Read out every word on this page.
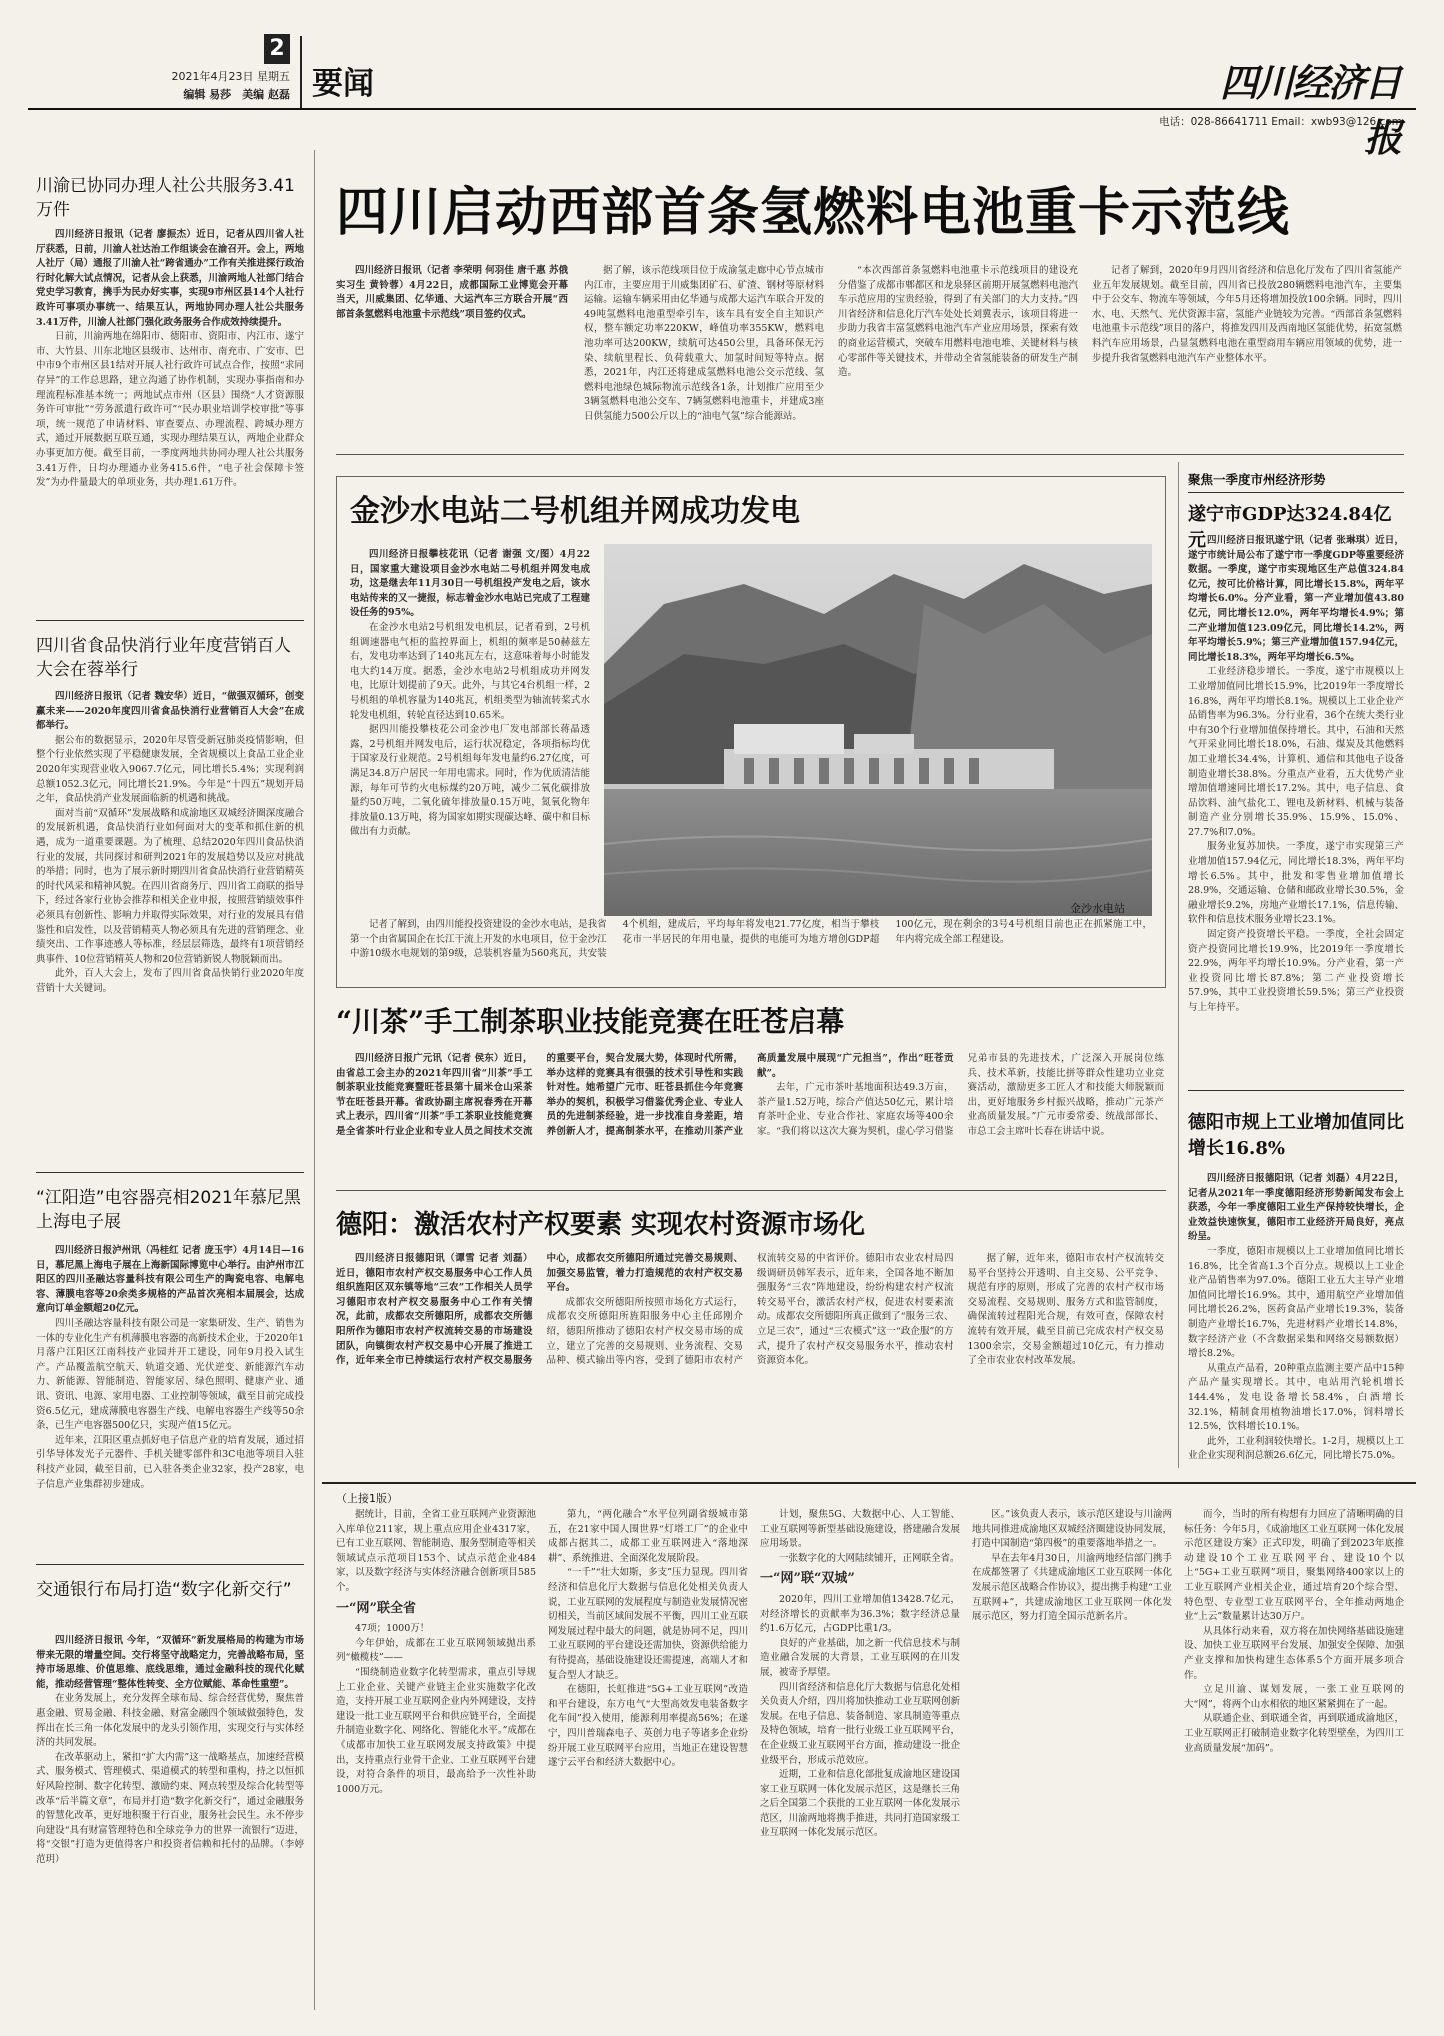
2
2021年4月23日 星期五
编辑 易莎　美编 赵磊 要闻	四川经济日报
电话：028-86641711 Email：xwb93@126.com
四川启动西部首条氢燃料电池重卡示范线

四川经济日报讯（记者 李荣明 何羽佳 唐千惠 苏俄 实习生 黄铃蓉）4月22日，成都国际工业博览会开幕当天，川威集团、亿华通、大运汽车三方联合开展“西部首条氢燃料电池重卡示范线”项目签约仪式。

据了解，该示范线项目位于成渝氢走廊中心节点城市内江市，主要应用于川威集团矿石、矿渣、钢材等原材料运输。运输车辆采用由亿华通与成都大运汽车联合开发的49吨氢燃料电池重型牵引车，该车具有安全自主知识产权，整车额定功率220KW，峰值功率355KW，燃料电池功率可达200KW，续航可达450公里，具备环保无污染、续航里程长、负荷载重大、加氢时间短等特点。据悉，2021年，内江还将建成氢燃料电池公交示范线、氢燃料电池绿色城际物流示范线各1条，计划推广应用至少3辆氢燃料电池公交车、7辆氢燃料电池重卡，并建成3座日供氢能力500公斤以上的“油电气氢”综合能源站。

“本次西部首条氢燃料电池重卡示范线项目的建设充分借鉴了成都市郫都区和龙泉驿区前期开展氢燃料电池汽车示范应用的宝贵经验，得到了有关部门的大力支持。”四川省经济和信息化厅汽车处处长刘冀表示，该项目将进一步助力我省丰富氢燃料电池汽车产业应用场景，探索有效的商业运营模式，突破车用燃料电池电堆、关键材料与核心零部件等关键技术，并带动全省氢能装备的研发生产制造。

记者了解到，2020年9月四川省经济和信息化厅发布了四川省氢能产业五年发展规划。截至目前，四川省已投放280辆燃料电池汽车，主要集中于公交车、物流车等领域，今年5月还将增加投放100余辆。同时，四川水、电、天然气、光伏资源丰富，氢能产业链较为完善。“西部首条氢燃料电池重卡示范线”项目的落户，将推发四川及西南地区氢能优势，拓宽氢燃料汽车应用场景，凸显氢燃料电池在重型商用车辆应用领域的优势，进一步提升我省氢燃料电池汽车产业整体水平。

川渝已协同办理人社公共服务3.41万件

四川经济日报讯（记者 廖振杰）近日，记者从四川省人社厅获悉，日前，川渝人社达治工作组谈会在渝召开。会上，两地人社厅（局）通报了川渝人社“跨省通办”工作有关推进探行政治行时化解大试点情况，记者从会上获悉，川渝两地人社部门结合党史学习教育，携手为民办好实事，实现9市州区县14个人社行政许可事项办事统一、结果互认，两地协同办理人社公共服务3.41万件，川渝人社部门强化政务服务合作成效持续提升。

日前，川渝两地在绵阳市、德阳市、资阳市、内江市、遂宁市、大竹县、川东北地区县级市、达州市、南充市、广安市、巴中市9个市州区县1结对开展人社行政许可试点合作，按照“求同存异”的工作总思路，建立沟通了协作机制，实现办事指南和办理流程标准基本统一；两地试点市州（区县）围绕“人才资源服务许可审批”“劳务派遣行政许可”“民办职业培训学校审批”等事项，统一规范了申请材料、审查要点、办理流程、跨城办理方式，通过开展数据互联互通，实现办理结果互认，两地企业群众办事更加方便。截至目前，一季度两地共协同办理人社公共服务3.41万件，日均办理通办业务415.6件，“电子社会保障卡签发”为办件量最大的单项业务，共办理1.61万件。

四川省食品快消行业年度营销百人大会在蓉举行

四川经济日报讯（记者 魏安华）近日，“做强双循环，创变赢未来——2020年度四川省食品快消行业营销百人大会”在成都举行。

据公布的数据显示，2020年尽管受新冠肺炎疫情影响，但整个行业依然实现了平稳健康发展，全省规模以上食品工业企业2020年实现营业收入9067.7亿元，同比增长5.4%；实现利润总额1052.3亿元，同比增长21.9%。今年是“十四五”规划开局之年，食品快消产业发展面临新的机遇和挑战。

面对当前“双循环”发展战略和成渝地区双城经济圈深度融合的发展新机遇，食品快消行业如何面对大的变革和抓住新的机遇，成为一道重要课题。为了梳理、总结2020年四川食品快消行业的发展，共同探讨和研判2021年的发展趋势以及应对挑战的举措；同时，也为了展示新时期四川省食品快消行业营销精英的时代风采和精神风貌。在四川省商务厅、四川省工商联的指导下，经过各家行业协会推荐和相关企业申报，按照营销绩效事件必须具有创新性、影响力并取得实际效果，对行业的发展具有借鉴性和启发性，以及营销精英人物必须具有先进的营销理念、业绩突出、工作事迹感人等标准，经层层筛选，最终有1项营销经典事件、10位营销精英人物和20位营销新锐人物脱颖而出。

此外，百人大会上，发布了四川省食品快销行业2020年度营销十大关键词。

“江阳造”电容器亮相2021年慕尼黑上海电子展

四川经济日报泸州讯（冯桂红 记者 庞玉宇）4月14日—16日，慕尼黑上海电子展在上海新国际博览中心举行。由泸州市江阳区的四川圣融达容量科技有限公司生产的陶瓷电容、电解电容、薄膜电容等20余类多规格的产品首次亮相本届展会，达成意向订单金额超20亿元。

四川圣融达容量科技有限公司是一家集研发、生产、销售为一体的专业化生产有机薄膜电容器的高新技术企业，于2020年1月落户江阳区江南科技产业园并开工建设，同年9月投入试生产。产品覆盖航空航天、轨道交通、光伏逆变、新能源汽车动力、新能源、智能制造、智能家居、绿色照明、健康产业、通讯、资讯、电源、家用电器、工业控制等领域，截至目前完成投资6.5亿元，建成薄膜电容器生产线、电解电容器生产线等50余条，已生产电容器500亿只，实现产值15亿元。

近年来，江阳区重点抓好电子信息产业的培育发展，通过招引华导体发光子元器件、手机关键零部件和3C电池等项目入驻科技产业园，截至目前，已入驻各类企业32家，投产28家，电子信息产业集群初步建成。

交通银行布局打造“数字化新交行”

四川经济日报讯 今年，“双循环”新发展格局的构建为市场带来无限的增量空间。交行将坚守战略定力，完善战略布局，坚持市场思维、价值思维、底线思维，通过金融科技的现代化赋能，推动经营管理“整体性转变、全方位赋能、革命性重塑”。

在业务发展上，充分发挥全球布局、综合经营优势，聚焦普惠金融、贸易金融、科技金融、财富金融四个领域做强特色，发挥出在长三角一体化发展中的龙头引领作用，实现交行与实体经济的共同发展。

在改革驱动上，紧扣“扩大内需”这一战略基点，加速经营模式、服务模式、管理模式、渠道模式的转型和重构，持之以恒抓好风险控制、数字化转型、激励约束、网点转型及综合化转型等改革“后半篇文章”，布局并打造“数字化新交行”，通过金融服务的智慧化改革，更好地积聚于行百业，服务社会民生。永不停步向建设“具有财富管理特色和全球竞争力的世界一流银行”迈进，将“交银”打造为更值得客户和投资者信赖和托付的品牌。（李婷 范玥）

金沙水电站二号机组并网成功发电

四川经济日报攀枝花讯（记者 谢强 文/图）4月22日，国家重大建设项目金沙水电站二号机组并网发电成功，这是继去年11月30日一号机组投产发电之后，该水电站传来的又一捷报，标志着金沙水电站已完成了工程建设任务的95%。

在金沙水电站2号机组发电机层，记者看到，2号机组调速器电气柜的监控界面上，机组的频率是50赫兹左右，发电功率达到了140兆瓦左右，这意味着每小时能发电大约14万度。据悉，金沙水电站2号机组成功并网发电，比原计划提前了9天。此外，与其它4台机组一样，2号机组的单机容量为140兆瓦，机组类型为轴流转桨式水轮发电机组，转轮直径达到10.65米。

据四川能投攀枝花公司金沙电厂发电部部长蒋晶透露，2号机组并网发电后，运行状况稳定，各项指标均优于国家及行业规范。2号机组每年发电量约6.27亿度，可满足34.8万户居民一年用电需求。同时，作为优质清洁能源，每年可节约火电标煤约20万吨，减少二氧化碳排放量约50万吨，二氧化硫年排放量0.15万吨，氮氧化物年排放量0.13万吨，将为国家如期实现碳达峰、碳中和目标做出有力贡献。

金沙水电站

记者了解到，由四川能投投资建设的金沙水电站，是我省第一个由省属国企在长江干流上开发的水电项目，位于金沙江中游10级水电规划的第9级，总装机容量为560兆瓦，共安装4个机组，建成后，平均每年将发电21.77亿度，相当于攀枝花市一半居民的年用电量，提供的电能可为地方增创GDP超100亿元，现在剩余的3号4号机组目前也正在抓紧施工中，年内将完成全部工程建设。

“川茶”手工制茶职业技能竞赛在旺苍启幕

四川经济日报广元讯（记者 侯东）近日，由省总工会主办的2021年四川省“川茶”手工制茶职业技能竞赛暨旺苍县第十届米仓山采茶节在旺苍县开幕。省政协副主席祝春秀在开幕式上表示，四川省“川茶”手工茶职业技能竞赛是全省茶叶行业企业和专业人员之间技术交流的重要平台，契合发展大势，体现时代所需，举办这样的竞赛具有很强的技术引导性和实践针对性。她希望广元市、旺苍县抓住今年竞赛举办的契机，积极学习借鉴优秀企业、专业人员的先进制茶经验，进一步找准自身差距，培养创新人才，提高制茶水平，在推动川茶产业高质量发展中展现“广元担当”，作出“旺苍贡献”。

去年，广元市茶叶基地面积达49.3万亩，茶产量1.52万吨，综合产值达50亿元，累计培育茶叶企业、专业合作社、家庭农场等400余家。“我们将以这次大赛为契机，虚心学习借鉴兄弟市县的先进技术，广泛深入开展岗位练兵、技术革新，技能比拼等群众性建功立业竞赛活动，激励更多工匠人才和技能大师脱颖而出，更好地服务乡村振兴战略，推动广元茶产业高质量发展。”广元市委常委、统战部部长、市总工会主席叶长春在讲话中说。

德阳：激活农村产权要素 实现农村资源市场化

四川经济日报德阳讯（谭雪 记者 刘磊）近日，德阳市农村产权交易服务中心工作人员组织旌阳区双东镇等地“三农”工作相关人员学习德阳市农村产权交易服务中心工作有关情况，此前，成都农交所德阳所，成都农交所德阳所作为德阳市农村产权流转交易的市场建设团队，向镇街农村产权交易中心开展了推进工作，近年来全市已持续运行农村产权交易服务中心，成都农交所德阳所通过完善交易规则、加强交易监管，着力打造规范的农村产权交易平台。

成都农交所德阳所按照市场化方式运行，成都农交所德阳所旌阳服务中心主任邱刚介绍，德阳所推动了德阳农村产权交易市场的成立，建立了完善的交易规则、业务流程、交易品种、模式输出等内容，受到了德阳市农村产权流转交易的中省评价。德阳市农业农村局四级调研员韩军表示，近年来，全国各地不断加强服务“三农”阵地建设，纷纷构建农村产权流转交易平台，激活农村产权，促进农村要素流动。成都农交所德阳所真正做到了“服务三农、立足三农”，通过“三农模式”这一“政企服”的方式，提升了农村产权交易服务水平，推动农村资源资本化。

据了解，近年来，德阳市农村产权流转交易平台坚持公开透明、自主交易、公平竞争、规范有序的原则，形成了完善的农村产权市场交易流程、交易规则、服务方式和监管制度，确保流转过程阳光合规，有效可查，保障农村流转有效开展，截至目前已完成农村产权交易1300余宗，交易金额超过10亿元，有力推动了全市农业农村改革发展。

聚焦一季度市州经济形势
遂宁市GDP达324.84亿元 四川经济日报讯遂宁讯（记者 张琳琪）近日，遂宁市统计局公布了遂宁市一季度GDP等重要经济数据。一季度，遂宁市实现地区生产总值324.84亿元，按可比价格计算，同比增长15.8%，两年平均增长6.0%。分产业看，第一产业增加值43.80亿元，同比增长12.0%，两年平均增长4.9%；第二产业增加值123.09亿元，同比增长14.2%，两年平均增长5.9%；第三产业增加值157.94亿元，同比增长18.3%，两年平均增长6.5%。

工业经济稳步增长。一季度，遂宁市规模以上工业增加值同比增长15.9%，比2019年一季度增长16.8%，两年平均增长8.1%。规模以上工业企业产品销售率为96.3%。分行业看，36个在统大类行业中有30个行业增加值保持增长。其中，石油和天然气开采业同比增长18.0%，石油、煤炭及其他燃料加工业增长34.4%，计算机、通信和其他电子设备制造业增长38.8%。分重点产业看，五大优势产业增加值增速同比增长17.2%。其中，电子信息、食品饮料、油气盐化工、锂电及新材料、机械与装备制造产业分别增长35.9%、15.9%、15.0%、27.7%和7.0%。

服务业复苏加快。一季度，遂宁市实现第三产业增加值157.94亿元，同比增长18.3%，两年平均增长6.5%。其中，批发和零售业增加值增长28.9%，交通运输、仓储和邮政业增长30.5%，金融业增长9.2%，房地产业增长17.1%，信息传输、软件和信息技术服务业增长23.1%。

固定资产投资增长平稳。一季度，全社会固定资产投资同比增长19.9%，比2019年一季度增长22.9%，两年平均增长10.9%。分产业看，第一产业投资同比增长87.8%；第二产业投资增长57.9%，其中工业投资增长59.5%；第三产业投资与上年持平。

德阳市规上工业增加值同比增长16.8%

四川经济日报德阳讯（记者 刘磊）4月22日，记者从2021年一季度德阳经济形势新闻发布会上获悉，今年一季度德阳工业生产保持较快增长，企业效益快速恢复，德阳市工业经济开局良好，亮点纷呈。

一季度，德阳市规模以上工业增加值同比增长16.8%，比全省高1.3个百分点。规模以上工业企业产品销售率为97.0%。德阳工业五大主导产业增加值同比增长16.9%。其中，通用航空产业增加值同比增长26.2%，医药食品产业增长19.3%，装备制造产业增长16.7%，先进材料产业增长14.8%，数字经济产业（不含数据采集和网络交易额数据）增长8.2%。

从重点产品看，20种重点监测主要产品中15种产品产量实现增长。其中，电站用汽轮机增长144.4%，发电设备增长58.4%，白酒增长32.1%，精制食用植物油增长17.0%，饲料增长12.5%，饮料增长10.1%。

此外，工业利润较快增长。1-2月，规模以上工业企业实现利润总额26.6亿元，同比增长75.0%。

（上接1版）

据统计，目前，全省工业互联网产业资源池入库单位211家，规上重点应用企业4317家，已有工业互联网、智能制造、服务型制造等相关领域试点示范项目153个、试点示范企业484家，以及数字经济与实体经济融合创新项目585个。

一“网”联全省

47项；1000万！

今年伊始，成都在工业互联网领域抛出系列“橄榄枝”——

“围绕制造业数字化转型需求，重点引导规上工业企业、关键产业链主企业实施数字化改造，支持开展工业互联网企业内外网建设，支持建设一批工业互联网平台和供应链平台，全面提升制造业数字化、网络化、智能化水平。”成都在《成都市加快工业互联网发展支持政策》中提出，支持重点行业骨干企业、工业互联网平台建设，对符合条件的项目，最高给予一次性补助1000万元。

第九，“两化融合”水平位列副省级城市第五，在21家中国人围世界“灯塔工厂”的企业中成都占据其二，成都工业互联网进入“落地深耕”、系统推进、全面深化发展阶段。

“一千”“壮大如斯，多支”压力显现。四川省经济和信息化厅大数据与信息化处相关负责人说，工业互联网的发展程度与制造业发展情况密切相关，当前区域间发展不平衡，四川工业互联网发展过程中最大的问题，就是协同不足，四川工业互联网的平台建设还需加快，资源供给能力有待提高，基础设施建设还需提速，高端人才和复合型人才缺乏。

在德阳，长虹推进“5G+工业互联网”改造和平台建设，东方电气“大型高效发电装备数字化车间”投入使用，能源利用率提高56%；在遂宁，四川普瑞森电子、英创力电子等诸多企业纷纷开展工业互联网平台应用，当地正在建设智慧遂宁云平台和经济大数据中心。

计划，聚焦5G、大数据中心、人工智能、工业互联网等新型基础设施建设，搭建融合发展应用场景。

一张数字化的大网陆续铺开，正网联全省。

一“网”联“双城”

2020年，四川工业增加值13428.7亿元，对经济增长的贡献率为36.3%；数字经济总量约1.6万亿元，占GDP比重1/3。

良好的产业基础，加之新一代信息技术与制造业融合发展的大背景，工业互联网的在川发展，被寄予厚望。

四川省经济和信息化厅大数据与信息化处相关负责人介绍，四川将加快推动工业互联网创新发展。在电子信息、装备制造、家具制造等重点及特色领域，培育一批行业级工业互联网平台，在企业级工业互联网平台方面，推动建设一批企业级平台，形成示范效应。

近期，工业和信息化部批复成渝地区建设国家工业互联网一体化发展示范区，这是继长三角之后全国第二个获批的工业互联网一体化发展示范区，川渝两地将携手推进，共同打造国家级工业互联网一体化发展示范区。

区。”该负责人表示，该示范区建设与川渝两地共同推进成渝地区双城经济圈建设协同发展，打造中国制造“第四极”的重要落地举措之一。

早在去年4月30日，川渝两地经信部门携手在成都签署了《共建成渝地区工业互联网一体化发展示范区战略合作协议》，提出携手构建“工业互联网+”，共建成渝地区工业互联网一体化发展示范区，努力打造全国示范新名片。

而今，当时的所有构想有力回应了清晰明确的目标任务：今年5月，《成渝地区工业互联网一体化发展示范区建设方案》正式印发，明确了到2023年底推动建设10个工业互联网平台、建设10个以上“5G+工业互联网”项目，聚集网络400家以上的工业互联网产业相关企业，通过培育20个综合型、特色型、专业型工业互联网平台，全年推动两地企业“上云”数量累计达30万户。

从具体行动来看，双方将在加快网络基础设施建设、加快工业互联网平台发展、加强安全保障、加强产业支撑和加快构建生态体系5个方面开展多项合作。

立足川渝、谋划发展，一张工业互联网的大“网”，将两个山水相依的地区紧紧拥在了一起。

从联通企业、到联通全省，再到联通成渝地区，工业互联网正打破制造业数字化转型壁垒，为四川工业高质量发展“加码”。
